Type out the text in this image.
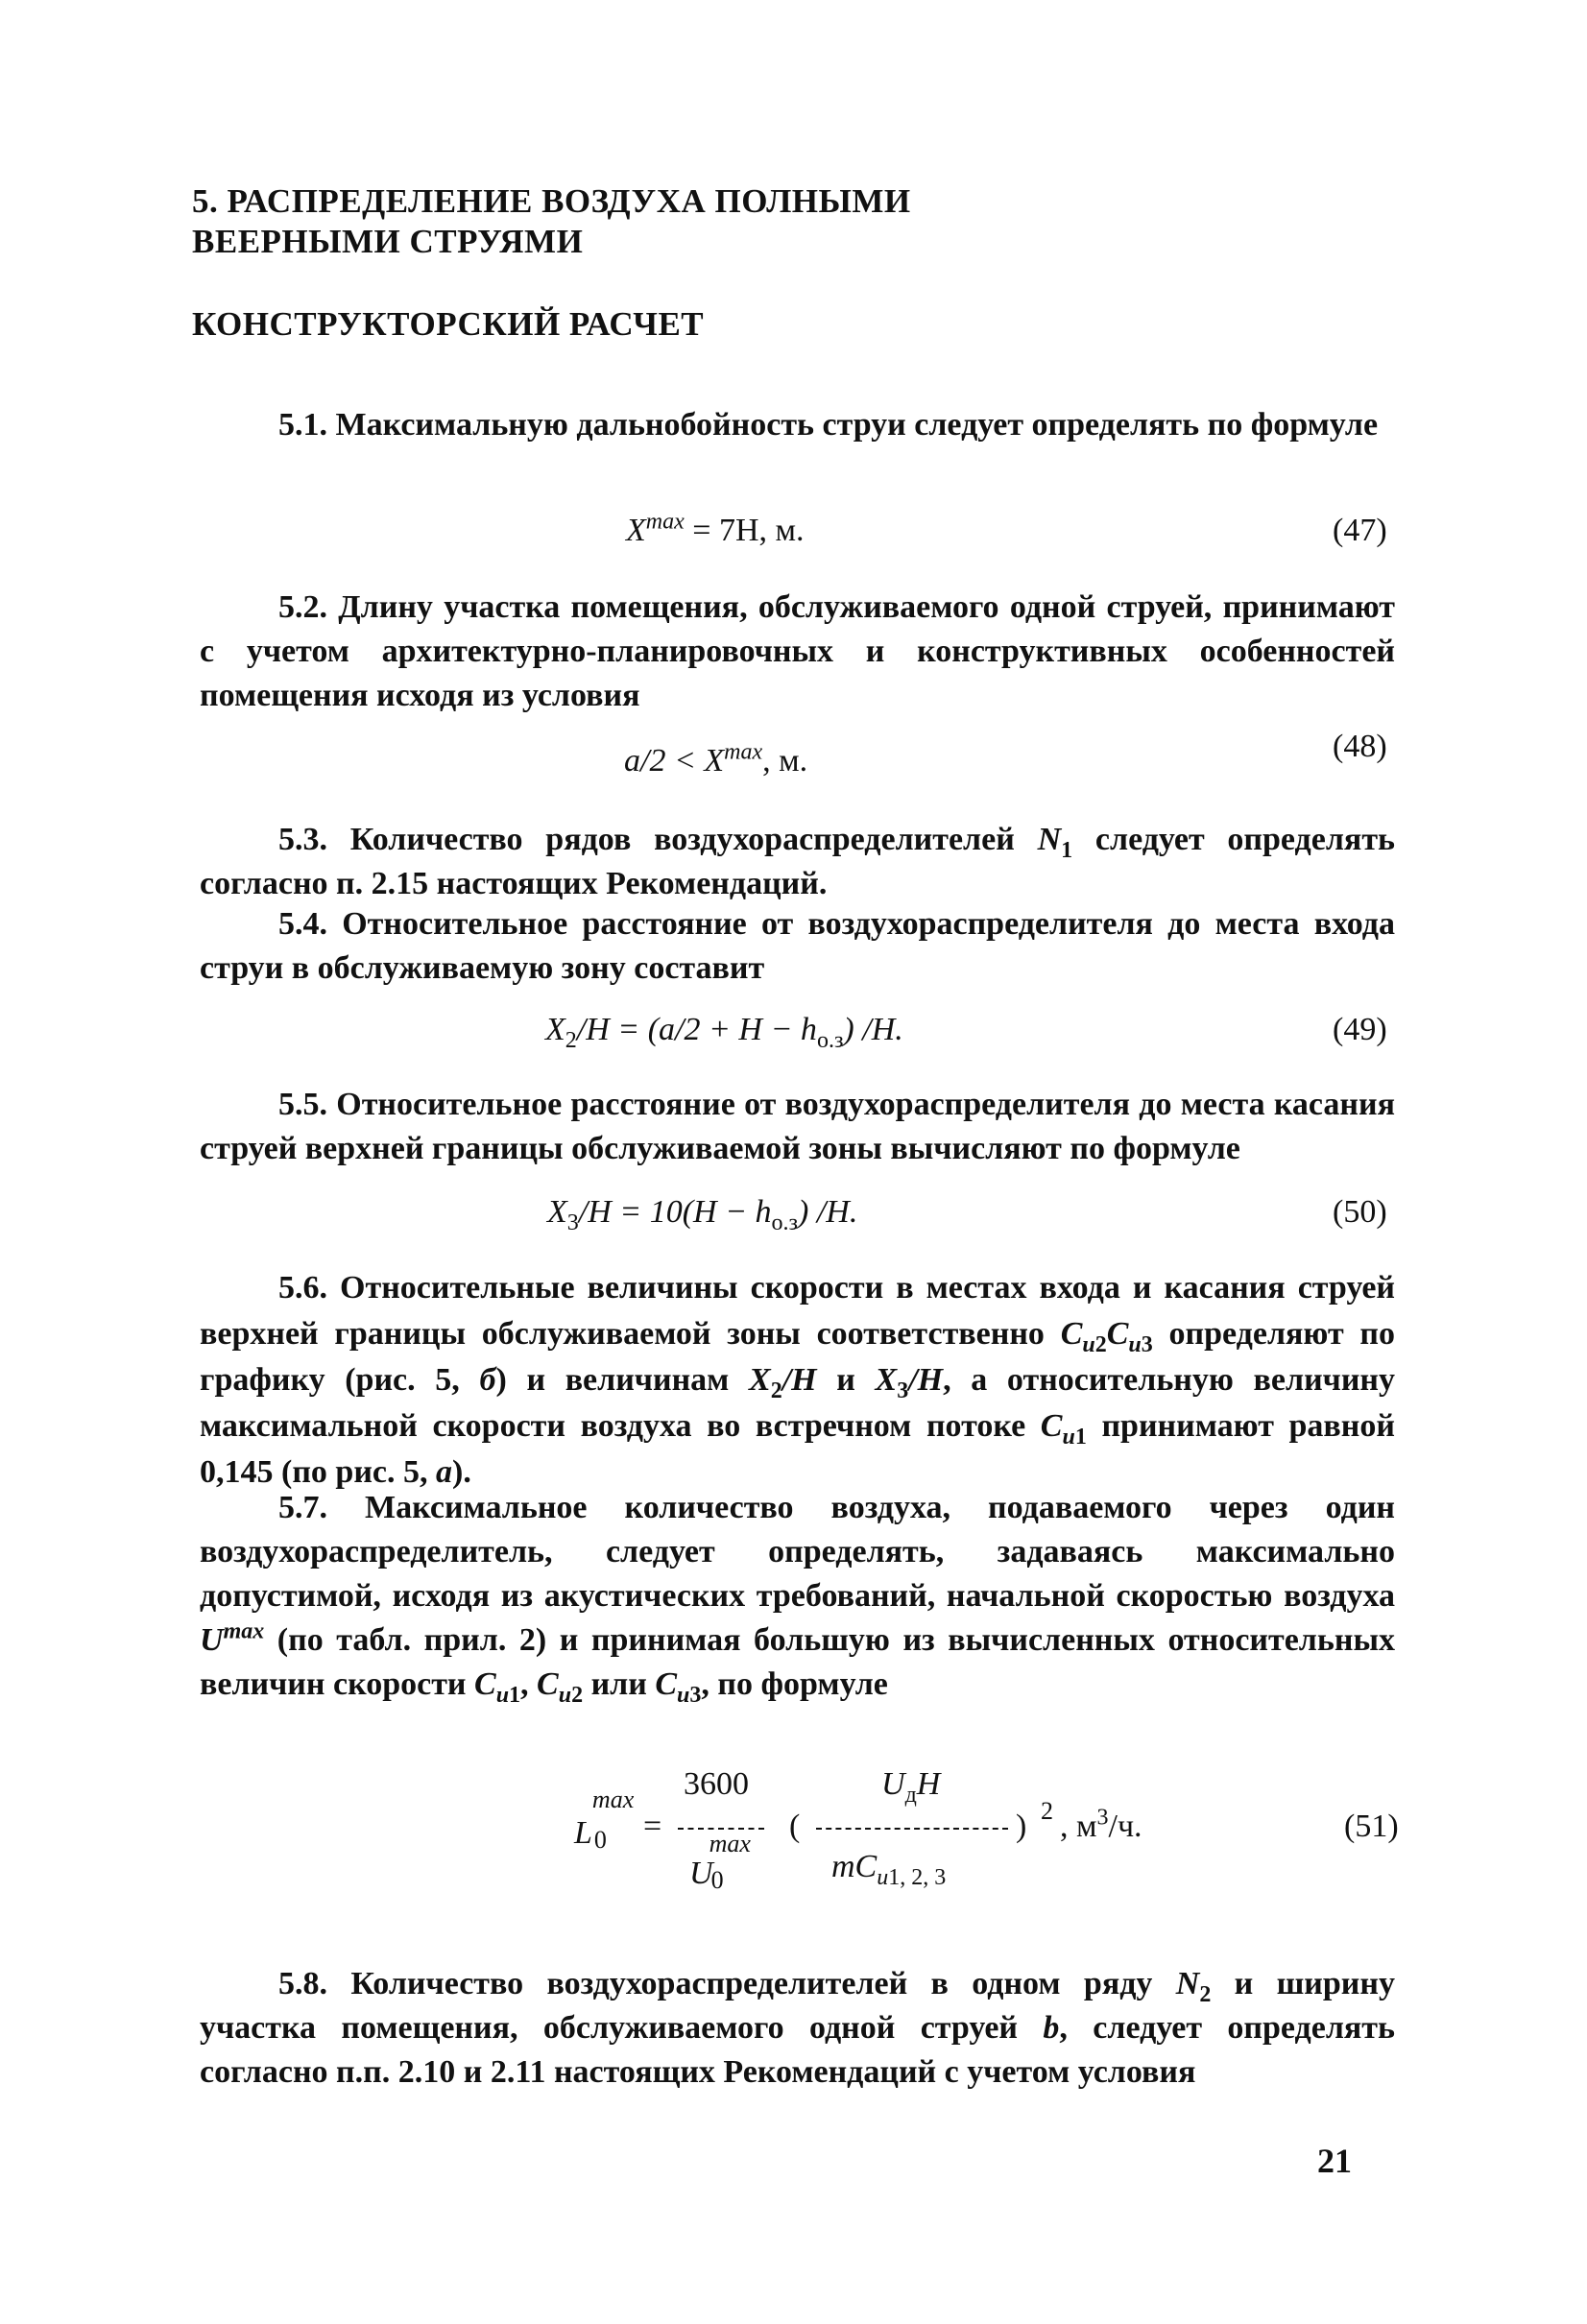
5. РАСПРЕДЕЛЕНИЕ ВОЗДУХА ПОЛНЫМИ
ВЕЕРНЫМИ СТРУЯМИ
КОНСТРУКТОРСКИЙ РАСЧЕТ
5.1. Максимальную дальнобойность струи следует определять по формуле
$X^{max} = 7H$, м.	(47)
5.2. Длину участка помещения, обслуживаемого одной струей, принимают с учетом архитектурно-планировочных и конструктивных особенностей помещения исходя из условия
$a/2 < X^{max}$, м.	(48)
5.3. Количество рядов воздухораспределителей $N_1$ следует определять согласно п. 2.15 настоящих Рекомендаций.
5.4. Относительное расстояние от воздухораспределителя до места входа струи в обслуживаемую зону составит
$X_2/H = (a/2 + H - h_{о.з})$ /H.	(49)
5.5. Относительное расстояние от воздухораспределителя до места касания струей верхней границы обслуживаемой зоны вычисляют по формуле
$X_3/H = 10(H - h_{о.з})$ /H.	(50)
5.6. Относительные величины скорости в местах входа и касания струей верхней границы обслуживаемой зоны соответственно $C_{u2}C_{u3}$ определяют по графику (рис. 5, б) и величинам $X_2/H$ и $X_3/H$, а относительную величину максимальной скорости воздуха во встречном потоке $C_{u1}$ принимают равной 0,145 (по рис. 5, а).
5.7. Максимальное количество воздуха, подаваемого через один воздухораспределитель, следует определять, задаваясь максимально допустимой, исходя из акустических требований, начальной скоростью воздуха $U^{max}$ (по табл. прил. 2) и принимая большую из вычисленных относительных величин скорости $C_{u1}$, $C_{u2}$ или $C_{u3}$, по формуле
L
max
0 =
3600
U
max
0
(
$U_дH$
$mC_{u1, 2, 3}$
) 2 , $м^3/ч$.	(51)
5.8. Количество воздухораспределителей в одном ряду $N_2$ и ширину участка помещения, обслуживаемого одной струей b, следует определять согласно п.п. 2.10 и 2.11 настоящих Рекомендаций с учетом условия
21
